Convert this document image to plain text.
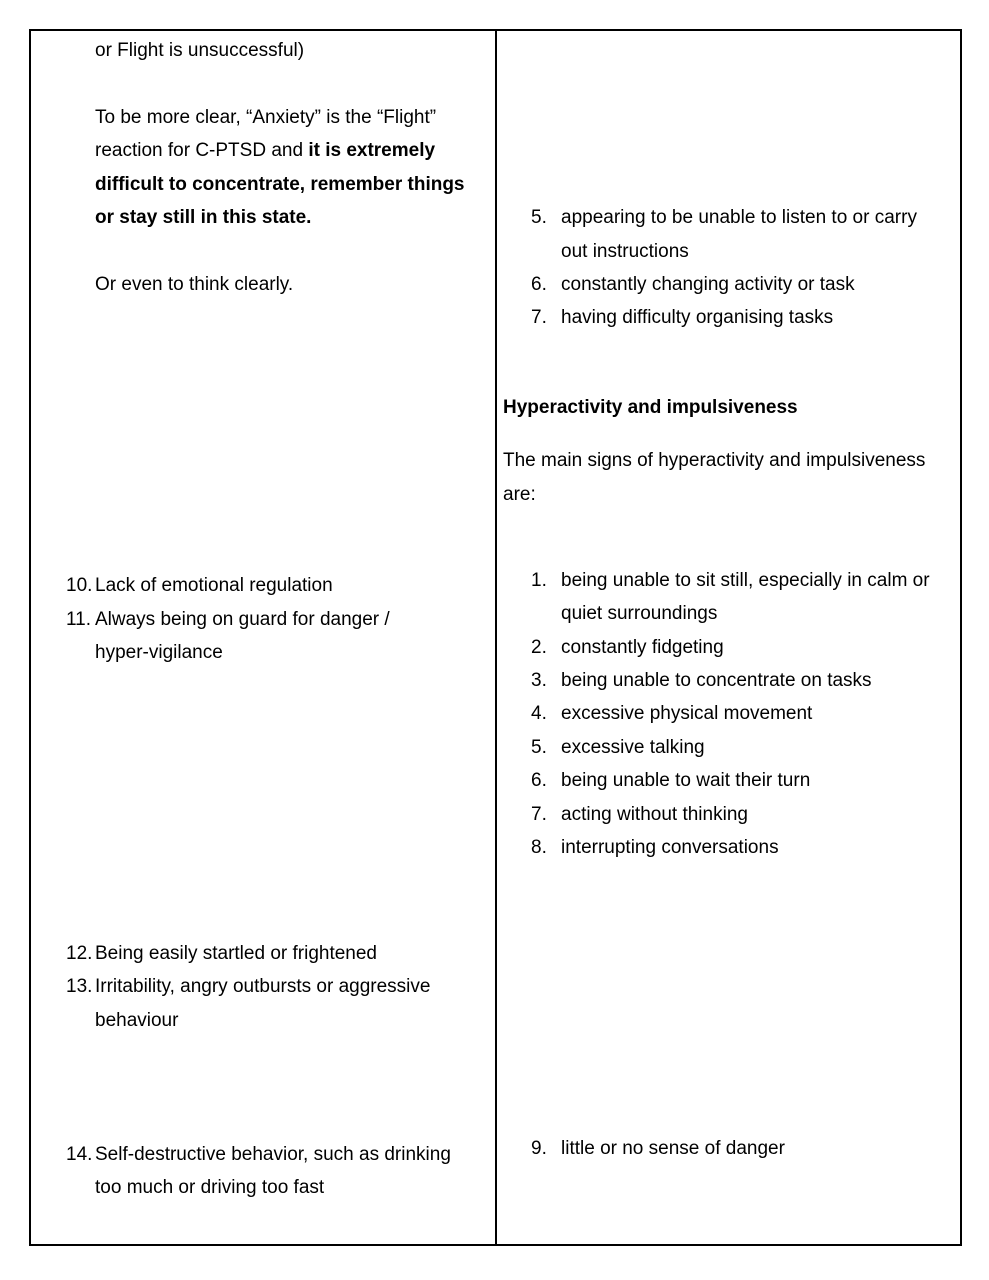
or Flight is unsuccessful)
To be more clear, “Anxiety” is the “Flight”
reaction for C-PTSD and it is extremely
difficult to concentrate, remember things
or stay still in this state.
Or even to think clearly.
10. Lack of emotional regulation
11. Always being on guard for danger /
hyper-vigilance
12. Being easily startled or frightened
13. Irritability, angry outbursts or aggressive
behaviour
14. Self-destructive behavior, such as drinking
too much or driving too fast
5. appearing to be unable to listen to or carry
out instructions
6. constantly changing activity or task
7. having difficulty organising tasks
Hyperactivity and impulsiveness
The main signs of hyperactivity and impulsiveness
are:
1. being unable to sit still, especially in calm or
quiet surroundings
2. constantly fidgeting
3. being unable to concentrate on tasks
4. excessive physical movement
5. excessive talking
6. being unable to wait their turn
7. acting without thinking
8. interrupting conversations
9. little or no sense of danger
